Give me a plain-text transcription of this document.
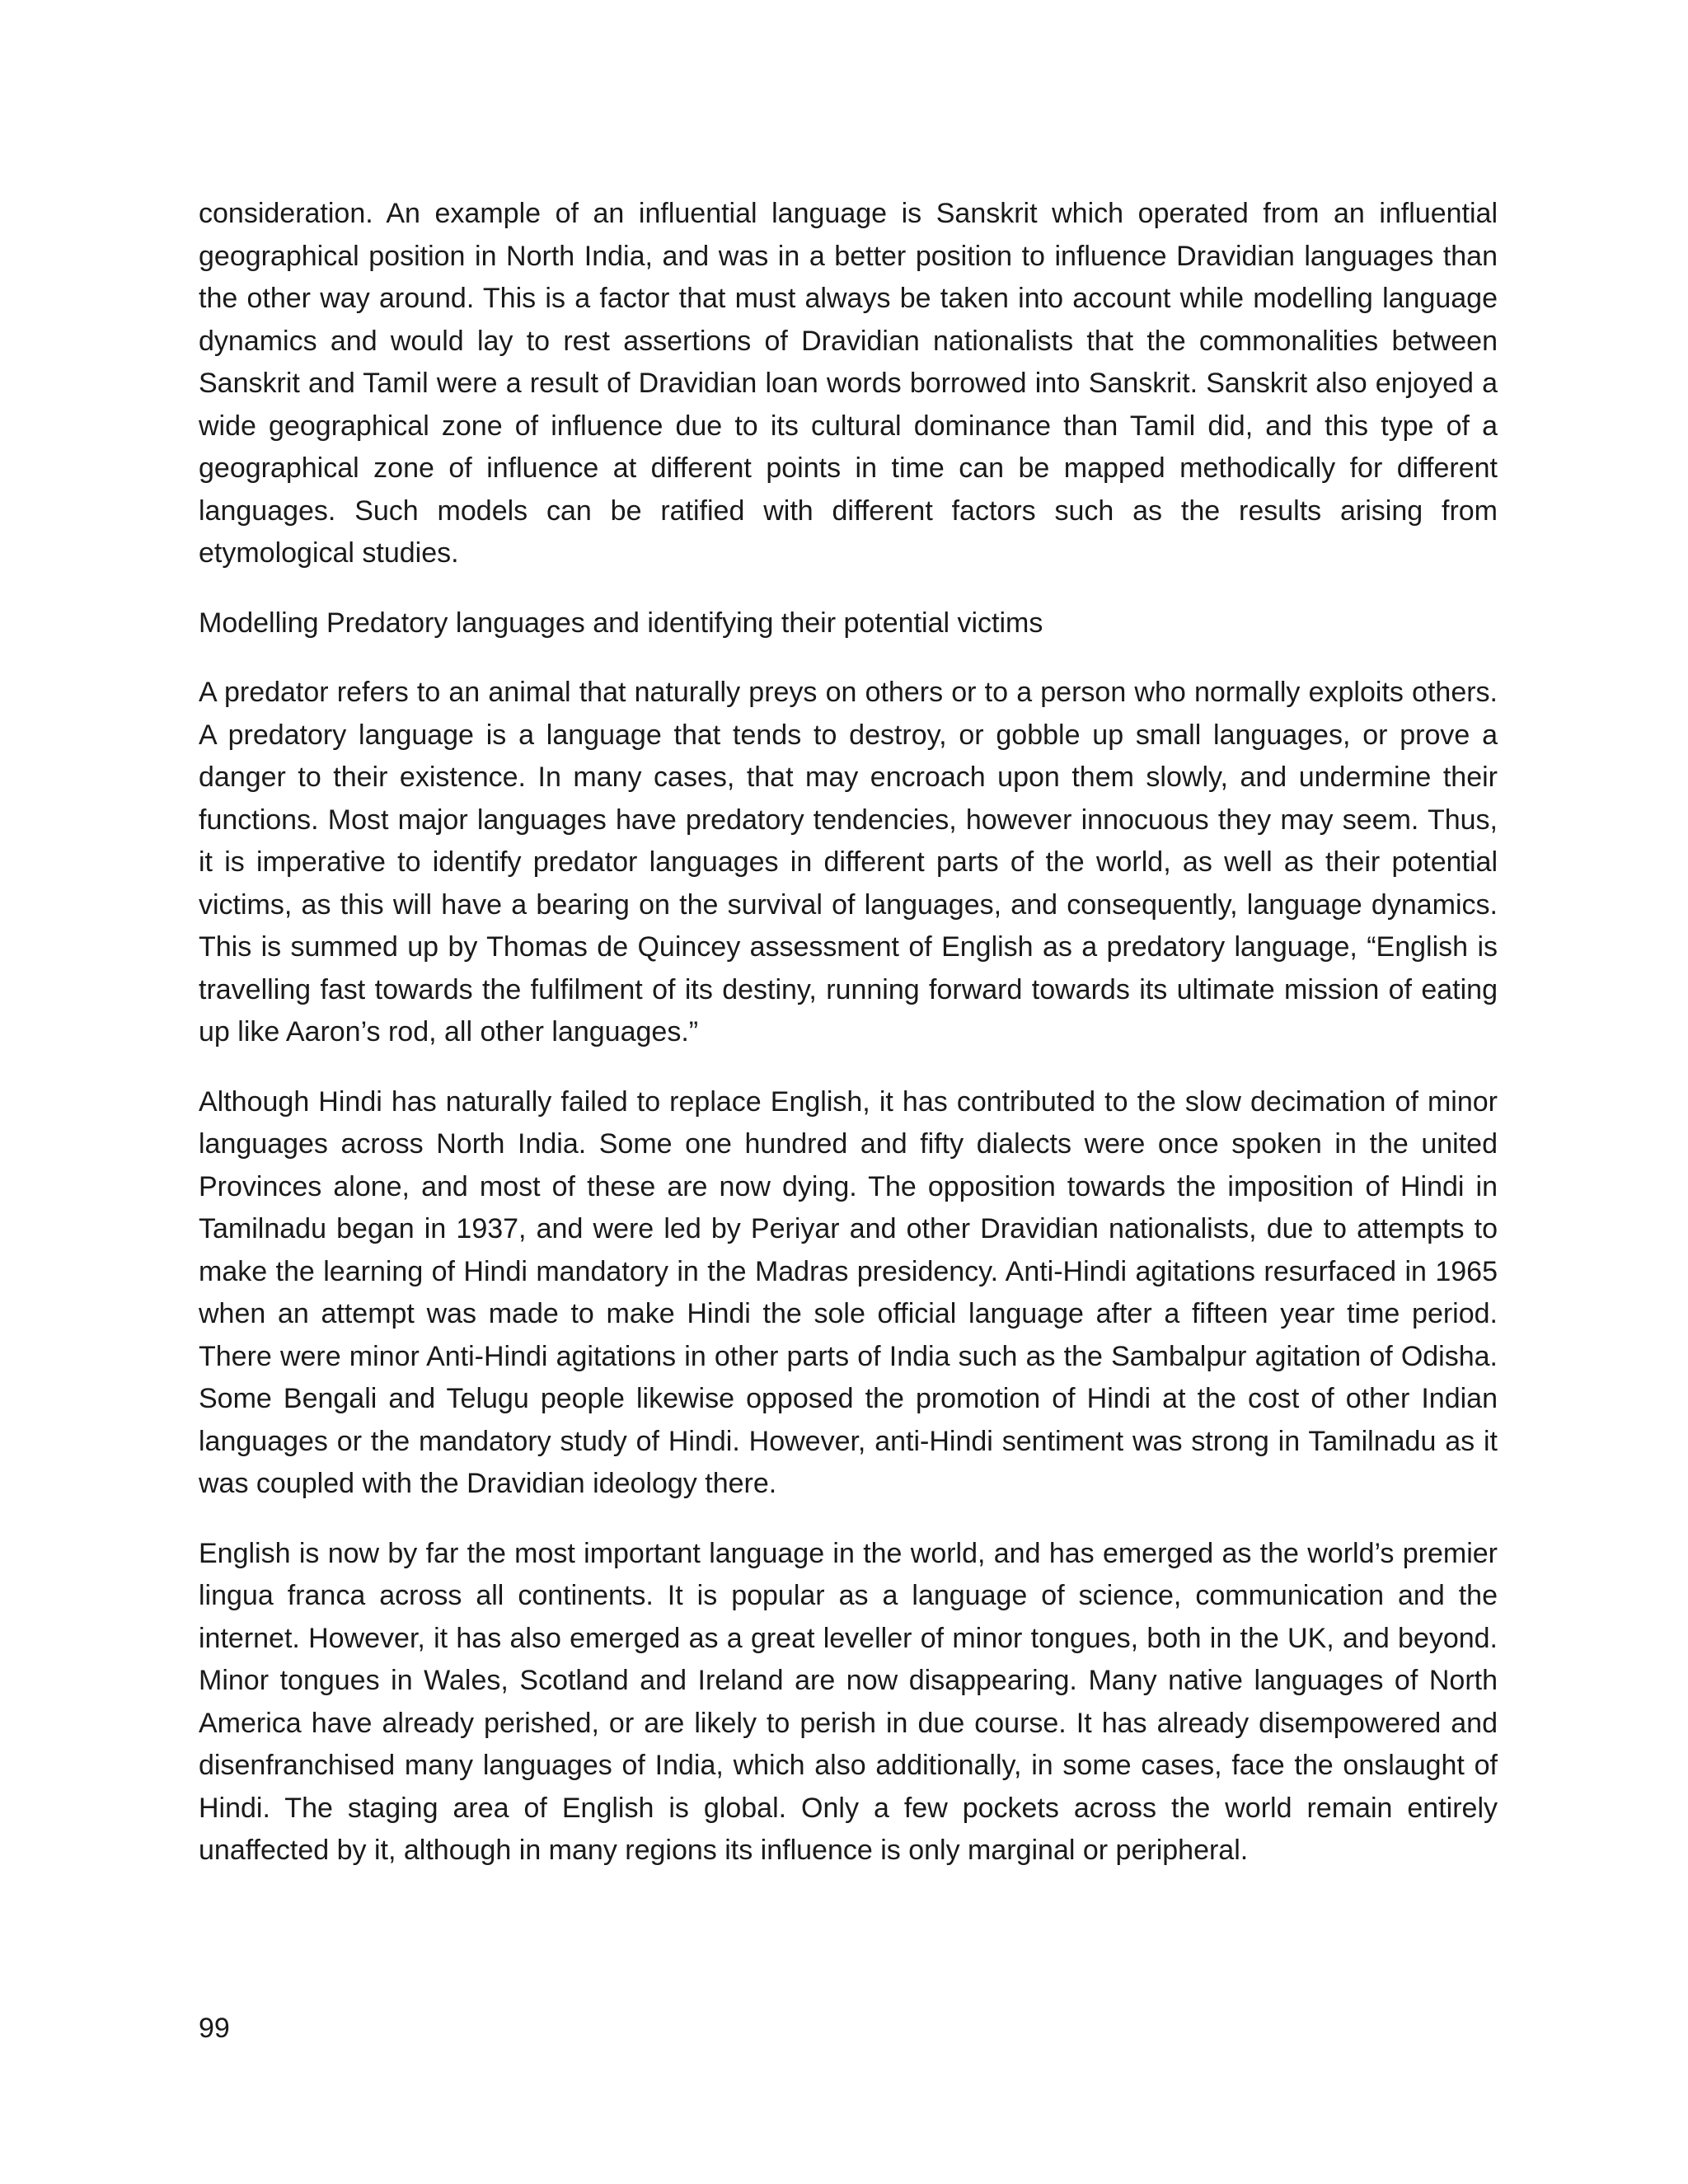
consideration. An example of an influential language is Sanskrit which operated from an influential geographical position in North India, and was in a better position to influence Dravidian languages than the other way around. This is a factor that must always be taken into account while modelling language dynamics and would lay to rest assertions of Dravidian nationalists that the commonalities between Sanskrit and Tamil were a result of Dravidian loan words borrowed into Sanskrit. Sanskrit also enjoyed a wide geographical zone of influence due to its cultural dominance than Tamil did, and this type of a geographical zone of influence at different points in time can be mapped methodically for different languages. Such models can be ratified with different factors such as the results arising from etymological studies.

Modelling Predatory languages and identifying their potential victims

A predator refers to an animal that naturally preys on others or to a person who normally exploits others. A predatory language is a language that tends to destroy, or gobble up small languages, or prove a danger to their existence. In many cases, that may encroach upon them slowly, and undermine their functions. Most major languages have predatory tendencies, however innocuous they may seem. Thus, it is imperative to identify predator languages in different parts of the world, as well as their potential victims, as this will have a bearing on the survival of languages, and consequently, language dynamics. This is summed up by Thomas de Quincey assessment of English as a predatory language, “English is travelling fast towards the fulfilment of its destiny, running forward towards its ultimate mission of eating up like Aaron’s rod, all other languages.”

Although Hindi has naturally failed to replace English, it has contributed to the slow decimation of minor languages across North India. Some one hundred and fifty dialects were once spoken in the united Provinces alone, and most of these are now dying. The opposition towards the imposition of Hindi in Tamilnadu began in 1937, and were led by Periyar and other Dravidian nationalists, due to attempts to make the learning of Hindi mandatory in the Madras presidency. Anti-Hindi agitations resurfaced in 1965 when an attempt was made to make Hindi the sole official language after a fifteen year time period. There were minor Anti-Hindi agitations in other parts of India such as the Sambalpur agitation of Odisha. Some Bengali and Telugu people likewise opposed the promotion of Hindi at the cost of other Indian languages or the mandatory study of Hindi. However, anti-Hindi sentiment was strong in Tamilnadu as it was coupled with the Dravidian ideology there.

English is now by far the most important language in the world, and has emerged as the world’s premier lingua franca across all continents. It is popular as a language of science, communication and the internet. However, it has also emerged as a great leveller of minor tongues, both in the UK, and beyond. Minor tongues in Wales, Scotland and Ireland are now disappearing. Many native languages of North America have already perished, or are likely to perish in due course. It has already disempowered and disenfranchised many languages of India, which also additionally, in some cases, face the onslaught of Hindi. The staging area of English is global. Only a few pockets across the world remain entirely unaffected by it, although in many regions its influence is only marginal or peripheral.

99
